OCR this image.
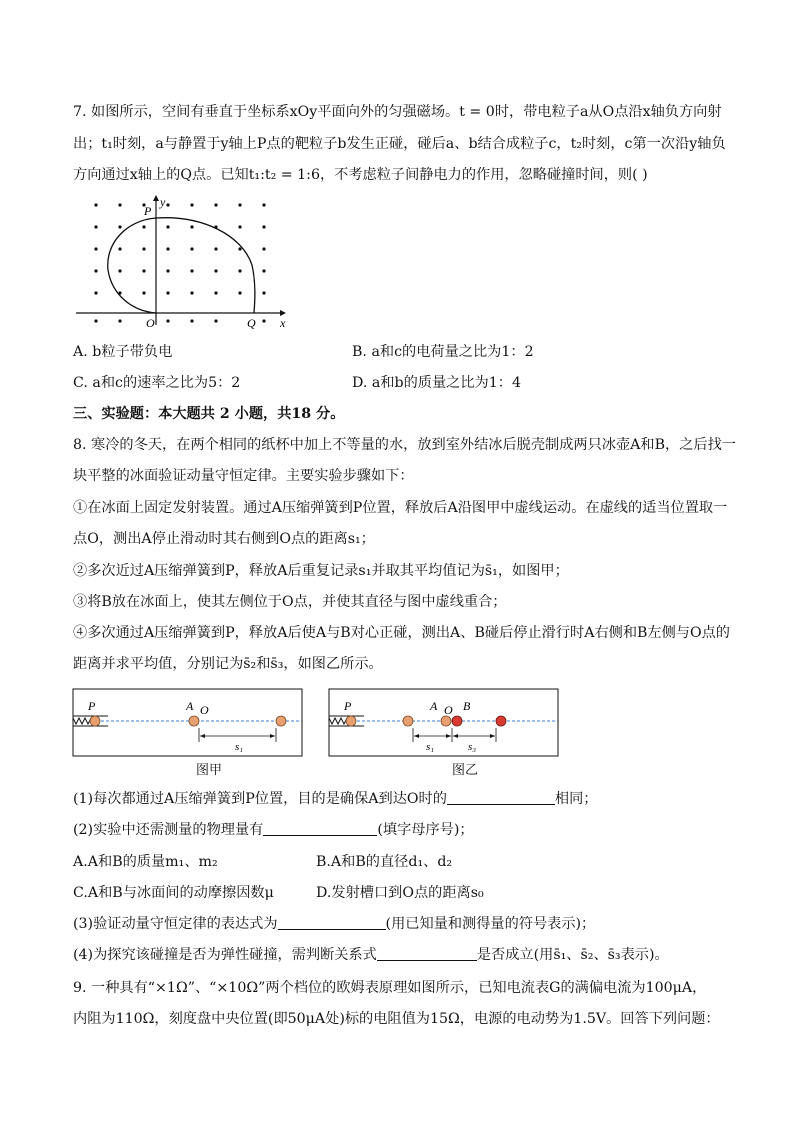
7. 如图所示，空间有垂直于坐标系xOy平面向外的匀强磁场。t = 0时，带电粒子a从O点沿x轴负方向射
出；t₁时刻，a与静置于y轴上P点的靶粒子b发生正碰，碰后a、b结合成粒子c，t₂时刻，c第一次沿y轴负
方向通过x轴上的Q点。已知t₁:t₂ = 1:6，不考虑粒子间静电力的作用，忽略碰撞时间，则( )
P
y
O	Q x
A. b粒子带负电	B. a和c的电荷量之比为1：2
C. a和c的速率之比为5：2	D. a和b的质量之比为1：4
三、实验题：本大题共 2 小题，共18 分。
8. 寒冷的冬天，在两个相同的纸杯中加上不等量的水，放到室外结冰后脱壳制成两只冰壶A和B，之后找一
块平整的冰面验证动量守恒定律。主要实验步骤如下：
①在冰面上固定发射装置。通过A压缩弹簧到P位置，释放后A沿图甲中虚线运动。在虚线的适当位置取一
点O，测出A停止滑动时其右侧到O点的距离s₁；
②多次近过A压缩弹簧到P，释放A后重复记录s₁并取其平均值记为s̄₁，如图甲；
③将B放在冰面上，使其左侧位于O点，并使其直径与图中虚线重合；
④多次通过A压缩弹簧到P，释放A后使A与B对心正碰，测出A、B碰后停止滑行时A右侧和B左侧与O点的
距离并求平均值，分别记为s̄₂和s̄₃，如图乙所示。
P	A O
s₁
图甲
P	A O B
s₁	s₃
图乙
(1)每次都通过A压缩弹簧到P位置，目的是确保A到达O时的	相同；
(2)实验中还需测量的物理量有	(填字母序号)；
A.A和B的质量m₁、m₂	B.A和B的直径d₁、d₂
C.A和B与冰面间的动摩擦因数μ	D.发射槽口到O点的距离s₀
(3)验证动量守恒定律的表达式为	(用已知量和测得量的符号表示)；
(4)为探究该碰撞是否为弹性碰撞，需判断关系式	是否成立(用s̄₁、s̄₂、s̄₃表示)。
9. 一种具有“×1Ω”、“×10Ω”两个档位的欧姆表原理如图所示，已知电流表G的满偏电流为100μA，
内阻为110Ω，刻度盘中央位置(即50μA处)标的电阻值为15Ω，电源的电动势为1.5V。回答下列问题：
